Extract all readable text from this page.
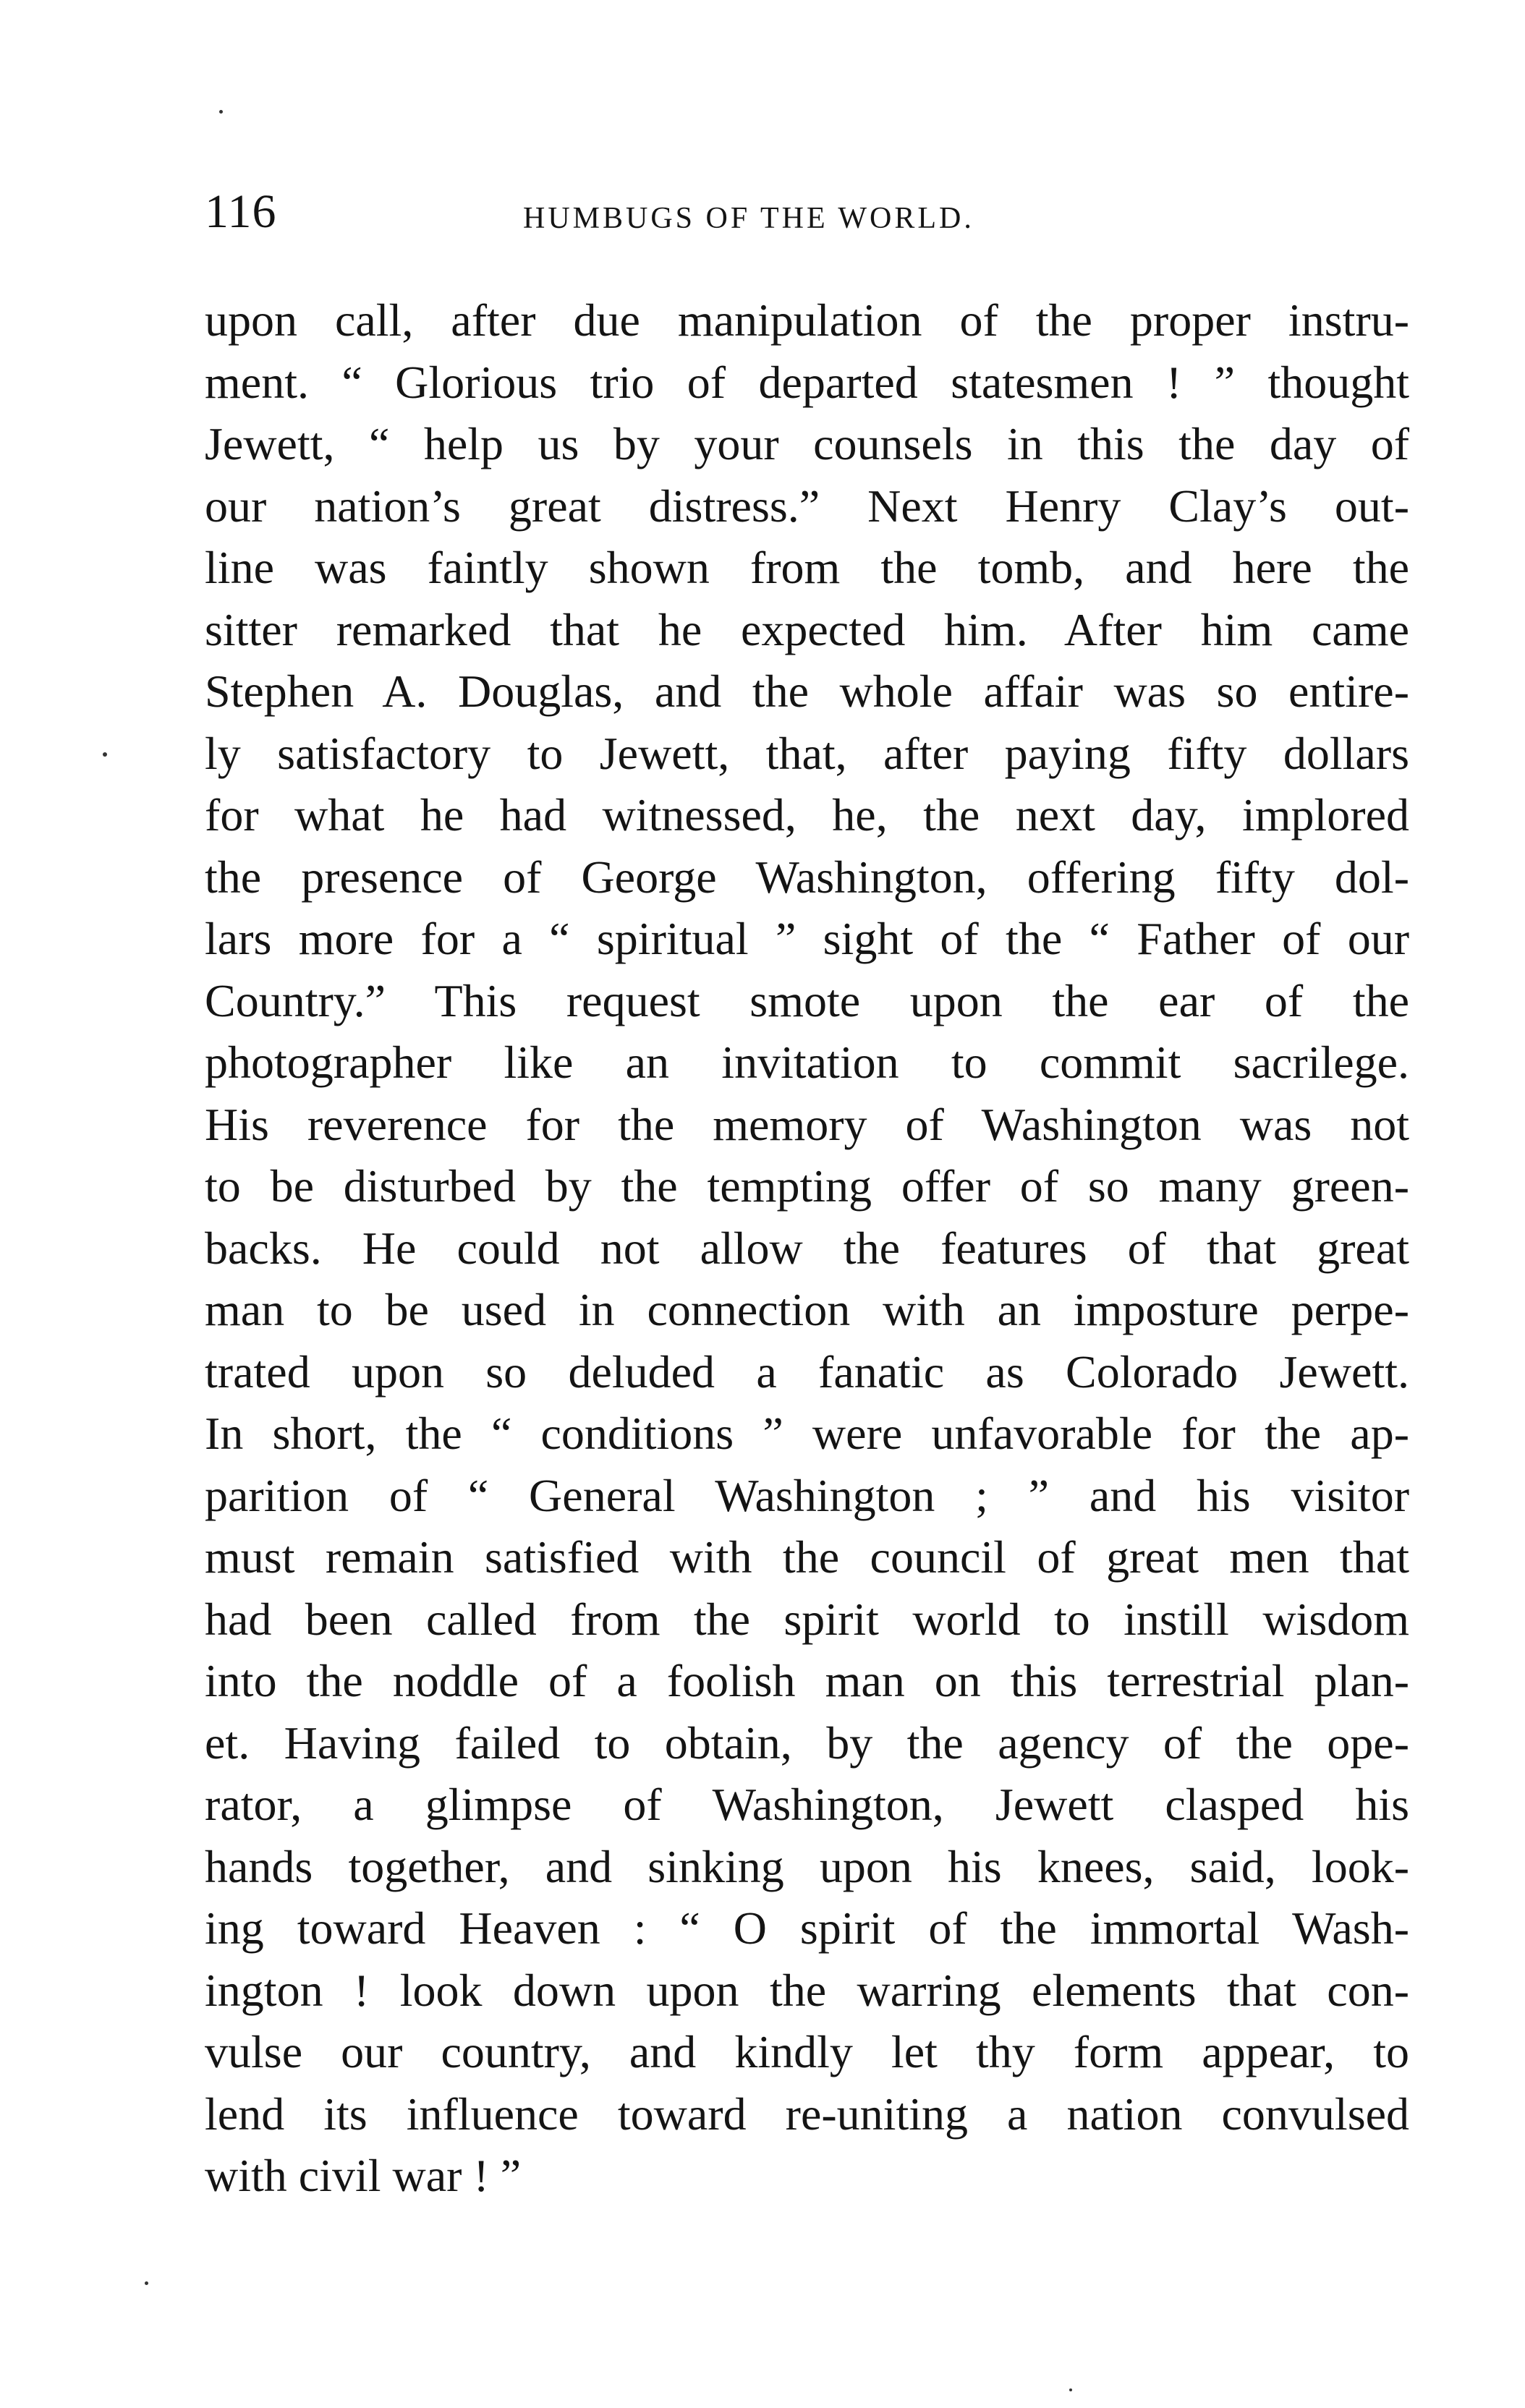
116	HUMBUGS OF THE WORLD.
upon call, after due manipulation of the proper instru-
ment. “ Glorious trio of departed statesmen ! ” thought
Jewett, “ help us by your counsels in this the day of
our nation’s great distress.” Next Henry Clay’s out-
line was faintly shown from the tomb, and here the
sitter remarked that he expected him. After him came
Stephen A. Douglas, and the whole affair was so entire-
ly satisfactory to Jewett, that, after paying fifty dollars
for what he had witnessed, he, the next day, implored
the presence of George Washington, offering fifty dol-
lars more for a “ spiritual ” sight of the “ Father of our
Country.” This request smote upon the ear of the
photographer like an invitation to commit sacrilege.
His reverence for the memory of Washington was not
to be disturbed by the tempting offer of so many green-
backs. He could not allow the features of that great
man to be used in connection with an imposture perpe-
trated upon so deluded a fanatic as Colorado Jewett.
In short, the “ conditions ” were unfavorable for the ap-
parition of “ General Washington ; ” and his visitor
must remain satisfied with the council of great men that
had been called from the spirit world to instill wisdom
into the noddle of a foolish man on this terrestrial plan-
et. Having failed to obtain, by the agency of the ope-
rator, a glimpse of Washington, Jewett clasped his
hands together, and sinking upon his knees, said, look-
ing toward Heaven : “ O spirit of the immortal Wash-
ington ! look down upon the warring elements that con-
vulse our country, and kindly let thy form appear, to
lend its influence toward re-uniting a nation convulsed
with civil war ! ”
